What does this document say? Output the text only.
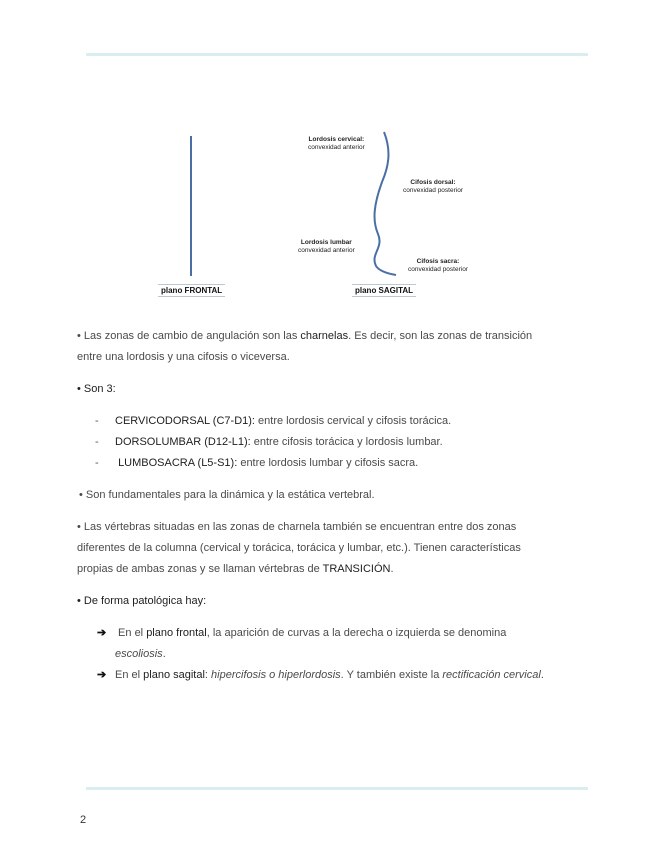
Lordosis cervical:
convexidad anterior
Cifosis dorsal:
convexidad posterior
Lordosis lumbar
convexidad anterior
Cifosis sacra:
convexidad posterior
plano FRONTAL	plano SAGITAL
• Las zonas de cambio de angulación son las charnelas. Es decir, son las zonas de transición
entre una lordosis y una cifosis o viceversa.
• Son 3:
- CERVICODORSAL (C7-D1): entre lordosis cervical y cifosis torácica.
- DORSOLUMBAR (D12-L1): entre cifosis torácica y lordosis lumbar.
- LUMBOSACRA (L5-S1): entre lordosis lumbar y cifosis sacra.
• Son fundamentales para la dinámica y la estática vertebral.
• Las vértebras situadas en las zonas de charnela también se encuentran entre dos zonas
diferentes de la columna (cervical y torácica, torácica y lumbar, etc.). Tienen características
propias de ambas zonas y se llaman vértebras de TRANSICIÓN.
• De forma patológica hay:
➔ En el plano frontal, la aparición de curvas a la derecha o izquierda se denomina
escoliosis.
➔ En el plano sagital: hipercifosis o hiperlordosis. Y también existe la rectificación cervical.
2
